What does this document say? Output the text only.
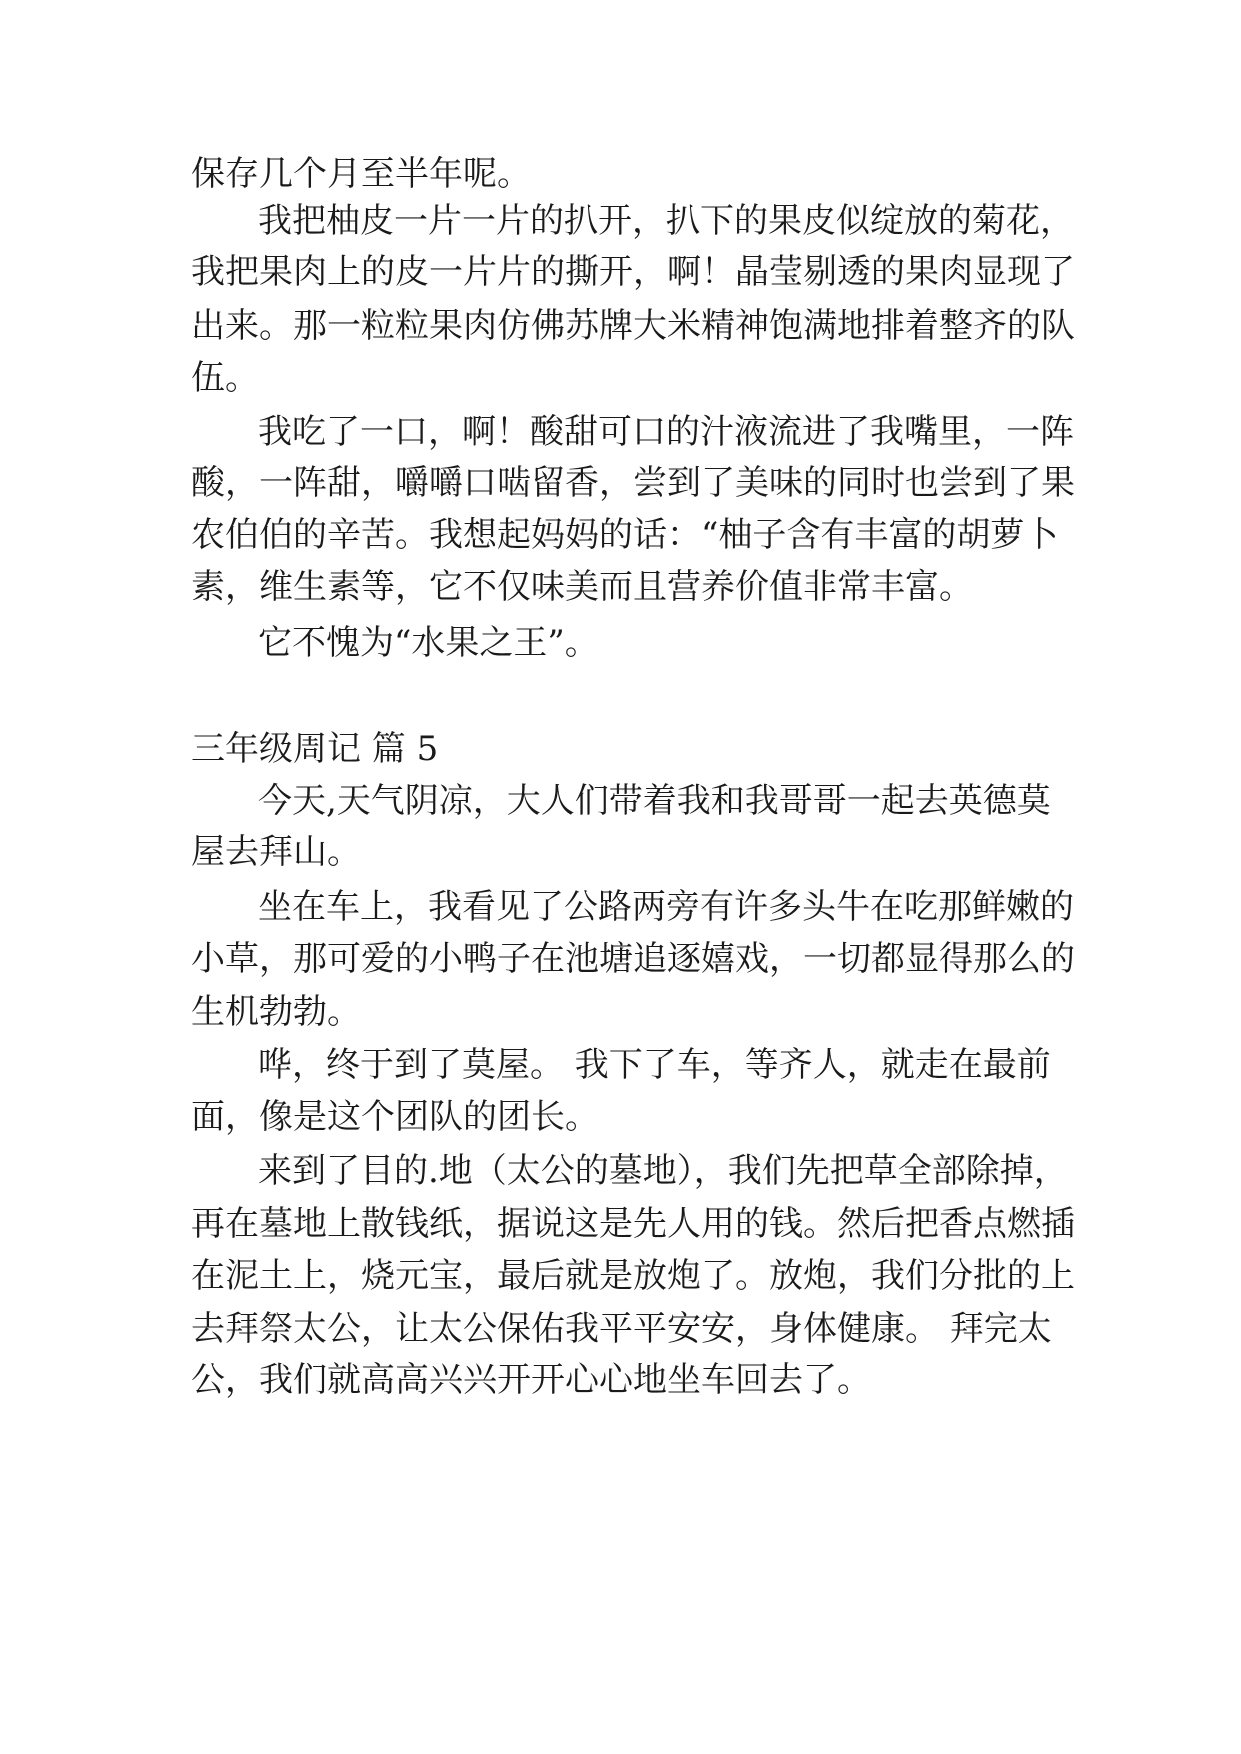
保存几个月至半年呢。
我把柚皮一片一片的扒开，扒下的果皮似绽放的菊花，
我把果肉上的皮一片片的撕开，啊！晶莹剔透的果肉显现了
出来。那一粒粒果肉仿佛苏牌大米精神饱满地排着整齐的队
伍。
我吃了一口，啊！酸甜可口的汁液流进了我嘴里，一阵
酸，一阵甜，嚼嚼口啮留香，尝到了美味的同时也尝到了果
农伯伯的辛苦。我想起妈妈的话：“柚子含有丰富的胡萝卜
素，维生素等，它不仅味美而且营养价值非常丰富。
它不愧为“水果之王”。
三年级周记 篇 5
今天,天气阴凉，大人们带着我和我哥哥一起去英德莫
屋去拜山。
坐在车上，我看见了公路两旁有许多头牛在吃那鲜嫩的
小草，那可爱的小鸭子在池塘追逐嬉戏，一切都显得那么的
生机勃勃。
哗，终于到了莫屋。 我下了车，等齐人，就走在最前
面，像是这个团队的团长。
来到了目的.地（太公的墓地），我们先把草全部除掉，
再在墓地上散钱纸，据说这是先人用的钱。然后把香点燃插
在泥土上，烧元宝，最后就是放炮了。放炮，我们分批的上
去拜祭太公，让太公保佑我平平安安，身体健康。 拜完太
公，我们就高高兴兴开开心心地坐车回去了。
